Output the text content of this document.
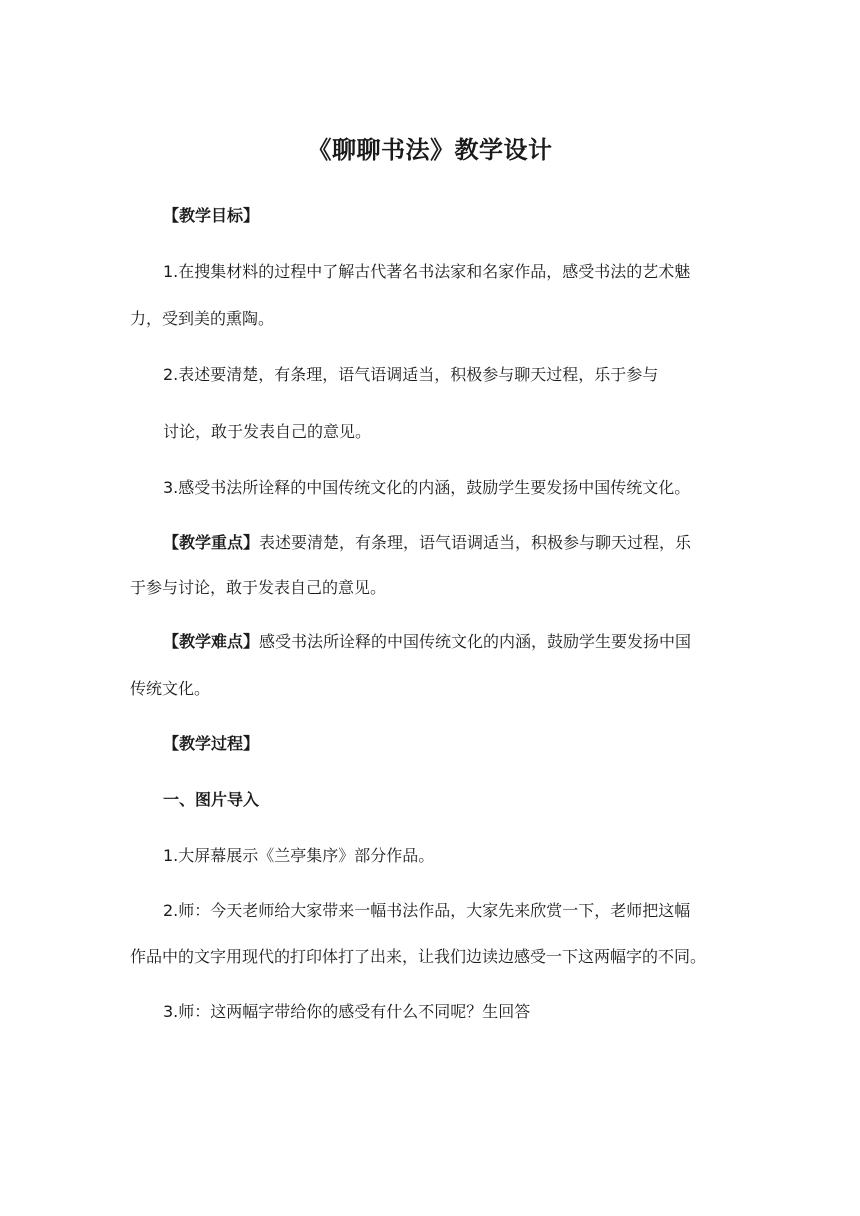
《聊聊书法》教学设计
【教学目标】
1.在搜集材料的过程中了解古代著名书法家和名家作品，感受书法的艺术魅
力，受到美的熏陶。
2.表述要清楚，有条理，语气语调适当，积极参与聊天过程，乐于参与
讨论，敢于发表自己的意见。
3.感受书法所诠释的中国传统文化的内涵，鼓励学生要发扬中国传统文化。
【教学重点】表述要清楚，有条理，语气语调适当，积极参与聊天过程，乐
于参与讨论，敢于发表自己的意见。
【教学难点】感受书法所诠释的中国传统文化的内涵，鼓励学生要发扬中国
传统文化。
【教学过程】
一、图片导入
1.大屏幕展示《兰亭集序》部分作品。
2.师：今天老师给大家带来一幅书法作品，大家先来欣赏一下，老师把这幅
作品中的文字用现代的打印体打了出来，让我们边读边感受一下这两幅字的不同。
3.师：这两幅字带给你的感受有什么不同呢？生回答
